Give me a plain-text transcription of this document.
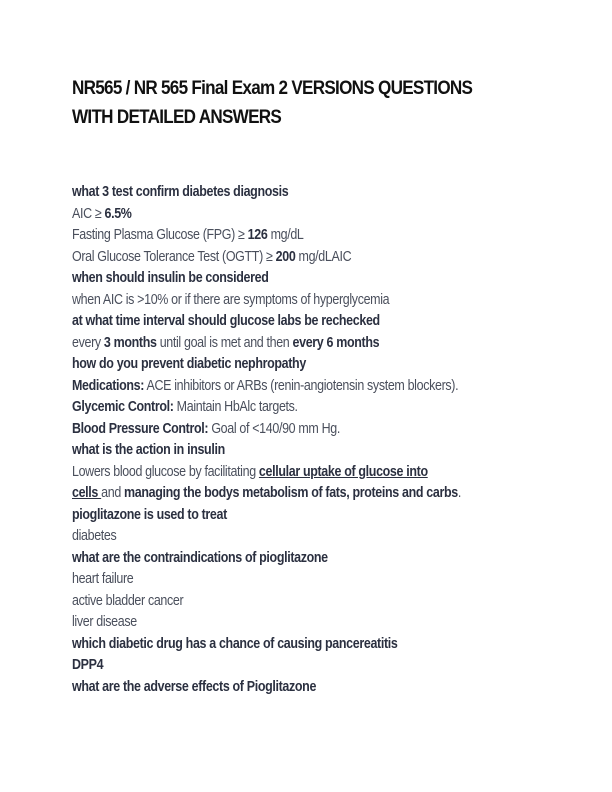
NR565 / NR 565 Final Exam 2 VERSIONS QUESTIONS WITH DETAILED ANSWERS
what 3 test confirm diabetes diagnosis
AIC ≥ 6.5%
Fasting Plasma Glucose (FPG) ≥ 126 mg/dL
Oral Glucose Tolerance Test (OGTT) ≥ 200 mg/dLAIC
when should insulin be considered
when AIC is >10% or if there are symptoms of hyperglycemia
at what time interval should glucose labs be rechecked
every 3 months until goal is met and then every 6 months
how do you prevent diabetic nephropathy
Medications: ACE inhibitors or ARBs (renin-angiotensin system blockers).
Glycemic Control: Maintain HbAlc targets.
Blood Pressure Control: Goal of <140/90 mm Hg.
what is the action in insulin
Lowers blood glucose by facilitating cellular uptake of glucose into
cells and managing the bodys metabolism of fats, proteins and carbs.
pioglitazone is used to treat
diabetes
what are the contraindications of pioglitazone
heart failure
active bladder cancer
liver disease
which diabetic drug has a chance of causing pancereatitis
DPP4
what are the adverse effects of Pioglitazone
